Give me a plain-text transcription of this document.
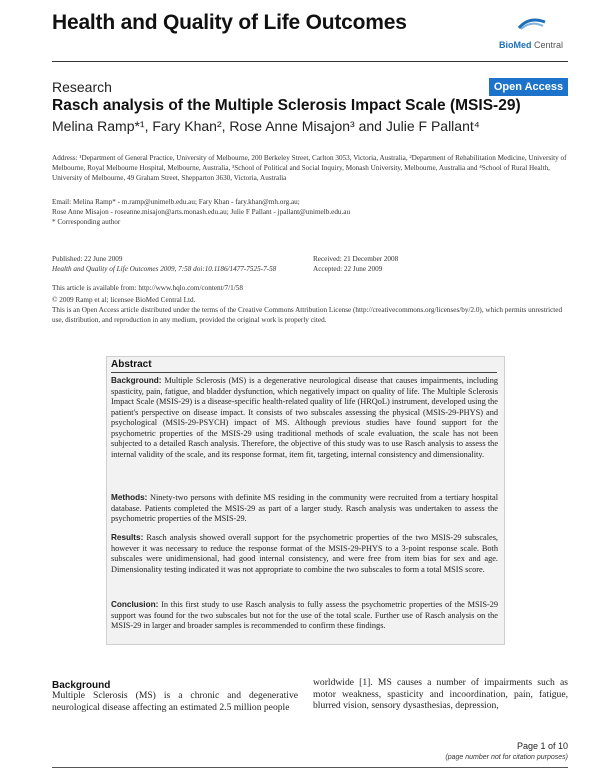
Health and Quality of Life Outcomes
BioMed Central
Research	Open Access
Rasch analysis of the Multiple Sclerosis Impact Scale (MSIS-29)
Melina Ramp*¹, Fary Khan², Rose Anne Misajon³ and Julie F Pallant⁴
Address: ¹Department of General Practice, University of Melbourne, 200 Berkeley Street, Carlton 3053, Victoria, Australia, ²Department of Rehabilitation Medicine, University of Melbourne, Royal Melbourne Hospital, Melbourne, Australia, ³School of Political and Social Inquiry, Monash University, Melbourne, Australia and ⁴School of Rural Health, University of Melbourne, 49 Graham Street, Shepparton 3630, Victoria, Australia
Email: Melina Ramp* - m.ramp@unimelb.edu.au; Fary Khan - fary.khan@mh.org.au;
Rose Anne Misajon - roseanne.misajon@arts.monash.edu.au; Julie F Pallant - jpallant@unimelb.edu.au
* Corresponding author
Published: 22 June 2009
Health and Quality of Life Outcomes 2009, 7:58 doi:10.1186/1477-7525-7-58
Received: 21 December 2008
Accepted: 22 June 2009
This article is available from: http://www.hqlo.com/content/7/1/58
© 2009 Ramp et al; licensee BioMed Central Ltd.
This is an Open Access article distributed under the terms of the Creative Commons Attribution License (http://creativecommons.org/licenses/by/2.0), which permits unrestricted use, distribution, and reproduction in any medium, provided the original work is properly cited.
Abstract

Background: Multiple Sclerosis (MS) is a degenerative neurological disease that causes impairments, including spasticity, pain, fatigue, and bladder dysfunction, which negatively impact on quality of life. The Multiple Sclerosis Impact Scale (MSIS-29) is a disease-specific health-related quality of life (HRQoL) instrument, developed using the patient's perspective on disease impact. It consists of two subscales assessing the physical (MSIS-29-PHYS) and psychological (MSIS-29-PSYCH) impact of MS. Although previous studies have found support for the psychometric properties of the MSIS-29 using traditional methods of scale evaluation, the scale has not been subjected to a detailed Rasch analysis. Therefore, the objective of this study was to use Rasch analysis to assess the internal validity of the scale, and its response format, item fit, targeting, internal consistency and dimensionality.

Methods: Ninety-two persons with definite MS residing in the community were recruited from a tertiary hospital database. Patients completed the MSIS-29 as part of a larger study. Rasch analysis was undertaken to assess the psychometric properties of the MSIS-29.

Results: Rasch analysis showed overall support for the psychometric properties of the two MSIS-29 subscales, however it was necessary to reduce the response format of the MSIS-29-PHYS to a 3-point response scale. Both subscales were unidimensional, had good internal consistency, and were free from item bias for sex and age. Dimensionality testing indicated it was not appropriate to combine the two subscales to form a total MSIS score.

Conclusion: In this first study to use Rasch analysis to fully assess the psychometric properties of the MSIS-29 support was found for the two subscales but not for the use of the total scale. Further use of Rasch analysis on the MSIS-29 in larger and broader samples is recommended to confirm these findings.

Background
Multiple Sclerosis (MS) is a chronic and degenerative neurological disease affecting an estimated 2.5 million people
worldwide [1]. MS causes a number of impairments such as motor weakness, spasticity and incoordination, pain, fatigue, blurred vision, sensory dysasthesias, depression,
Page 1 of 10
(page number not for citation purposes)
